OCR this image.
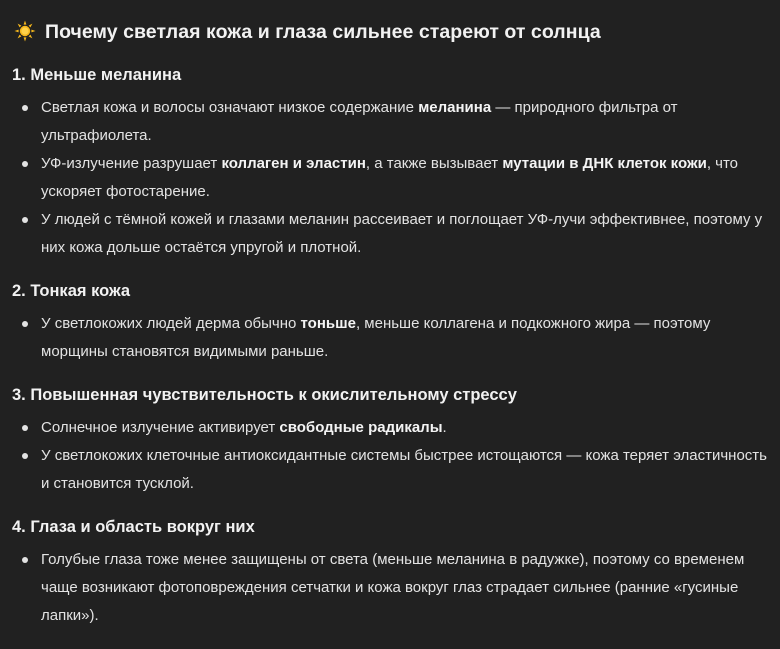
Почему светлая кожа и глаза сильнее стареют от солнца
1. Меньше меланина
Светлая кожа и волосы означают низкое содержание меланина — природного фильтра от ультрафиолета.
УФ-излучение разрушает коллаген и эластин, а также вызывает мутации в ДНК клеток кожи, что ускоряет фотостарение.
У людей с тёмной кожей и глазами меланин рассеивает и поглощает УФ-лучи эффективнее, поэтому у них кожа дольше остаётся упругой и плотной.
2. Тонкая кожа
У светлокожих людей дерма обычно тоньше, меньше коллагена и подкожного жира — поэтому морщины становятся видимыми раньше.
3. Повышенная чувствительность к окислительному стрессу
Солнечное излучение активирует свободные радикалы.
У светлокожих клеточные антиоксидантные системы быстрее истощаются — кожа теряет эластичность и становится тусклой.
4. Глаза и область вокруг них
Голубые глаза тоже менее защищены от света (меньше меланина в радужке), поэтому со временем чаще возникают фотоповреждения сетчатки и кожа вокруг глаз страдает сильнее (ранние «гусиные лапки»).
